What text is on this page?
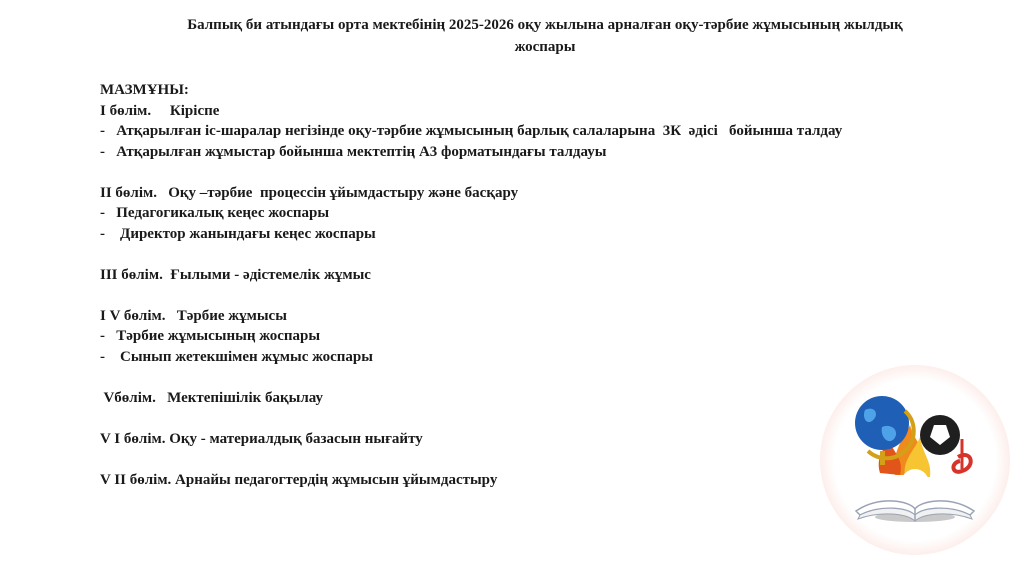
Балпық би атындағы орта мектебінің 2025-2026 оқу жылына арналған оқу-тәрбие жұмысының жылдық
жоспары
МАЗМҰНЫ:
І бөлім.     Кіріспе
-   Атқарылған іс-шаралар негізінде оқу-тәрбие жұмысының барлық салаларына  3К  әдісі   бойынша талдау
-   Атқарылған жұмыстар бойынша мектептің А3 форматындағы талдауы
ІІ бөлім.   Оқу –тәрбие  процессін ұйымдастыру және басқару
-   Педагогикалық кеңес жоспары
-    Директор жанындағы кеңес жоспары
ІІІ бөлім.  Ғылыми - әдістемелік жұмыс
І V бөлім.   Тәрбие жұмысы
-   Тәрбие жұмысының жоспары
-    Сынып жетекшімен жұмыс жоспары
Vбөлім.   Мектепішілік бақылау
V І бөлім. Оқу - материалдық базасын нығайту
V ІІ бөлім. Арнайы педагогтердің жұмысын ұйымдастыру
